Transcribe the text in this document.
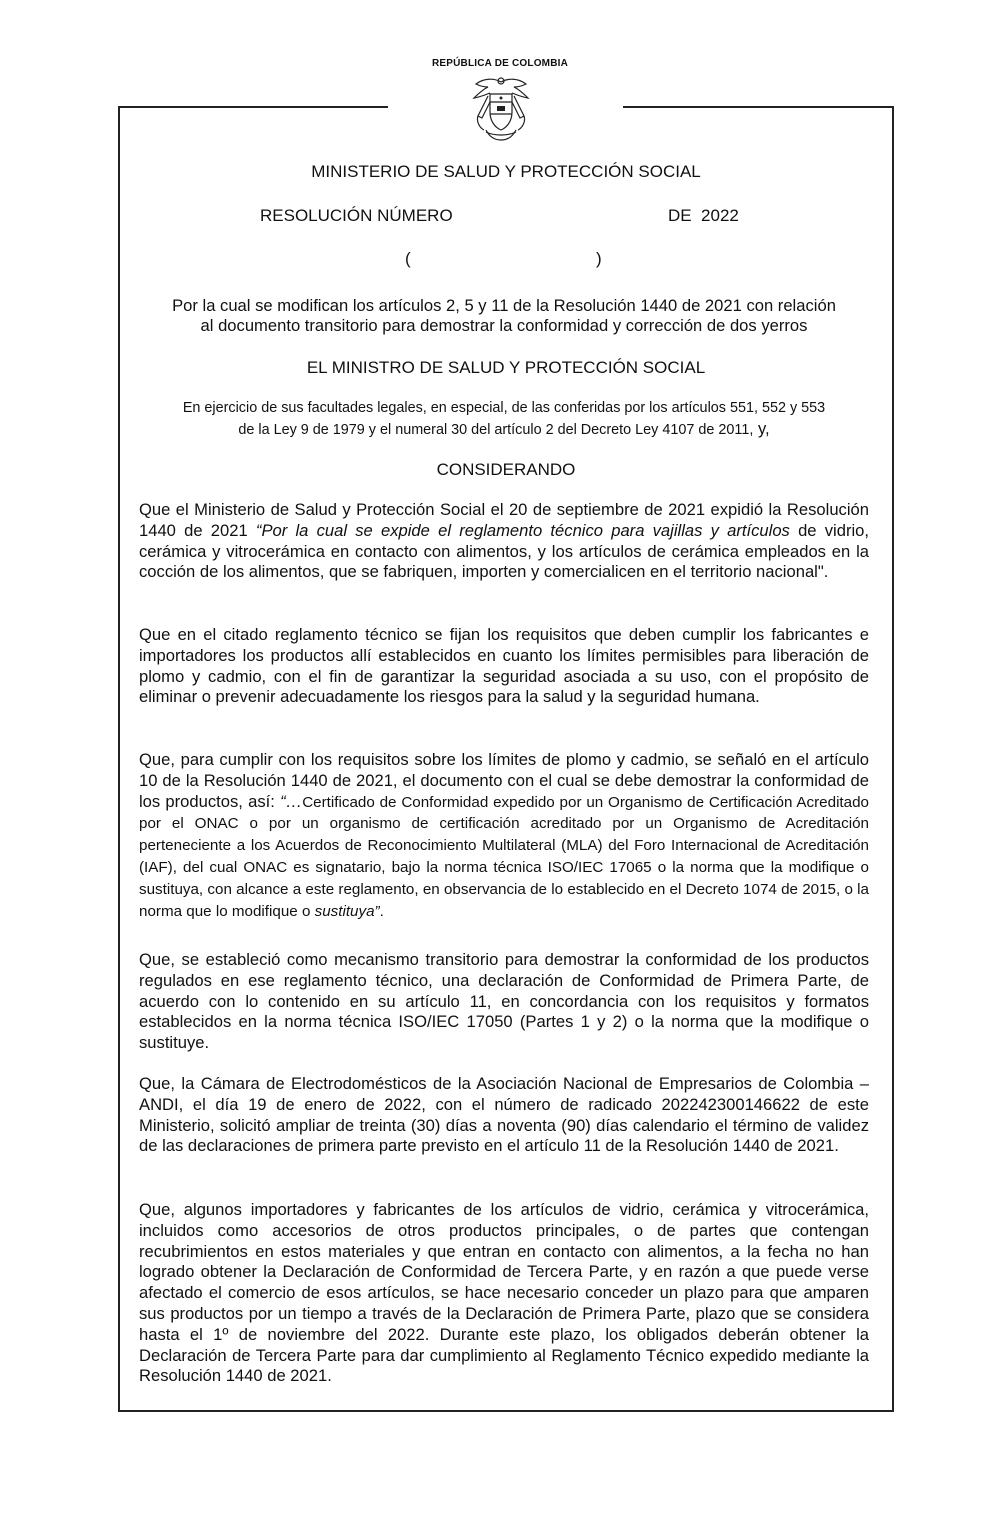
REPÚBLICA DE COLOMBIA
MINISTERIO DE SALUD Y PROTECCIÓN SOCIAL
RESOLUCIÓN NÚMERO	DE  2022
(	)
Por la cual se modifican los artículos 2, 5 y 11 de la Resolución 1440 de 2021 con relación
al documento transitorio para demostrar la conformidad y corrección de dos yerros
EL MINISTRO DE SALUD Y PROTECCIÓN SOCIAL
En ejercicio de sus facultades legales, en especial, de las conferidas por los artículos 551, 552 y 553
de la Ley 9 de 1979 y el numeral 30 del artículo 2 del Decreto Ley 4107 de 2011, y,
CONSIDERANDO

Que el Ministerio de Salud y Protección Social el 20 de septiembre de 2021 expidió la Resolución 1440 de 2021 “Por la cual se expide el reglamento técnico para vajillas y artículos de vidrio, cerámica y vitrocerámica en contacto con alimentos, y los artículos de cerámica empleados en la cocción de los alimentos, que se fabriquen, importen y comercialicen en el territorio nacional".

Que en el citado reglamento técnico se fijan los requisitos que deben cumplir los fabricantes e importadores los productos allí establecidos en cuanto los límites permisibles para liberación de plomo y cadmio, con el fin de garantizar la seguridad asociada a su uso, con el propósito de eliminar o prevenir adecuadamente los riesgos para la salud y la seguridad humana.

Que, para cumplir con los requisitos sobre los límites de plomo y cadmio, se señaló en el artículo 10 de la Resolución 1440 de 2021, el documento con el cual se debe demostrar la conformidad de los productos, así: “…Certificado de Conformidad expedido por un Organismo de Certificación Acreditado por el ONAC o por un organismo de certificación acreditado por un Organismo de Acreditación perteneciente a los Acuerdos de Reconocimiento Multilateral (MLA) del Foro Internacional de Acreditación (IAF), del cual ONAC es signatario, bajo la norma técnica ISO/IEC 17065 o la norma que la modifique o sustituya, con alcance a este reglamento, en observancia de lo establecido en el Decreto 1074 de 2015, o la norma que lo modifique o sustituya”.

Que, se estableció como mecanismo transitorio para demostrar la conformidad de los productos regulados en ese reglamento técnico, una declaración de Conformidad de Primera Parte, de acuerdo con lo contenido en su artículo 11, en concordancia con los requisitos y formatos establecidos en la norma técnica ISO/IEC 17050 (Partes 1 y 2) o la norma que la modifique o sustituye.

Que, la Cámara de Electrodomésticos de la Asociación Nacional de Empresarios de Colombia – ANDI, el día 19 de enero de 2022, con el número de radicado 202242300146622 de este Ministerio, solicitó ampliar de treinta (30) días a noventa (90) días calendario el término de validez de las declaraciones de primera parte previsto en el artículo 11 de la Resolución 1440 de 2021.

Que, algunos importadores y fabricantes de los artículos de vidrio, cerámica y vitrocerámica, incluidos como accesorios de otros productos principales, o de partes que contengan recubrimientos en estos materiales y que entran en contacto con alimentos, a la fecha no han logrado obtener la Declaración de Conformidad de Tercera Parte, y en razón a que puede verse afectado el comercio de esos artículos, se hace necesario conceder un plazo para que amparen sus productos por un tiempo a través de la Declaración de Primera Parte, plazo que se considera hasta el 1º de noviembre del 2022. Durante este plazo, los obligados deberán obtener la Declaración de Tercera Parte para dar cumplimiento al Reglamento Técnico expedido mediante la Resolución 1440 de 2021.
